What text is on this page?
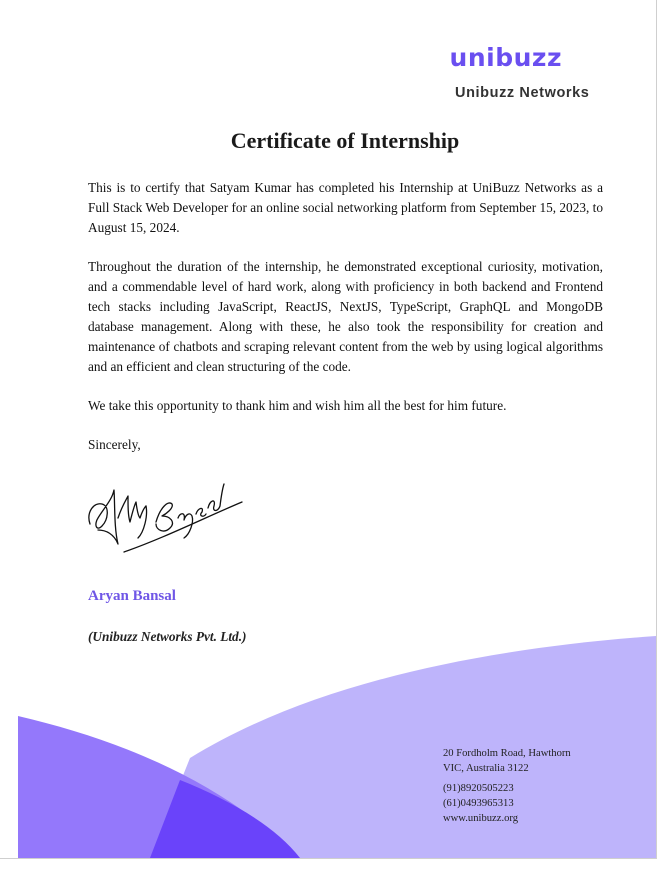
unibuzz
Unibuzz Networks
Certificate of Internship
This is to certify that Satyam Kumar has completed his Internship at UniBuzz Networks as a Full Stack Web Developer for an online social networking platform from September 15, 2023, to August 15, 2024.
Throughout the duration of the internship, he demonstrated exceptional curiosity, motivation, and a commendable level of hard work, along with proficiency in both backend and Frontend tech stacks including JavaScript, ReactJS, NextJS, TypeScript, GraphQL and MongoDB database management. Along with these, he also took the responsibility for creation and maintenance of chatbots and scraping relevant content from the web by using logical algorithms and an efficient and clean structuring of the code.
We take this opportunity to thank him and wish him all the best for him future.
Sincerely,
Aryan Bansal
(Unibuzz Networks Pvt. Ltd.)
20 Fordholm Road, Hawthorn
VIC, Australia 3122
(91)8920505223
(61)0493965313
www.unibuzz.org
